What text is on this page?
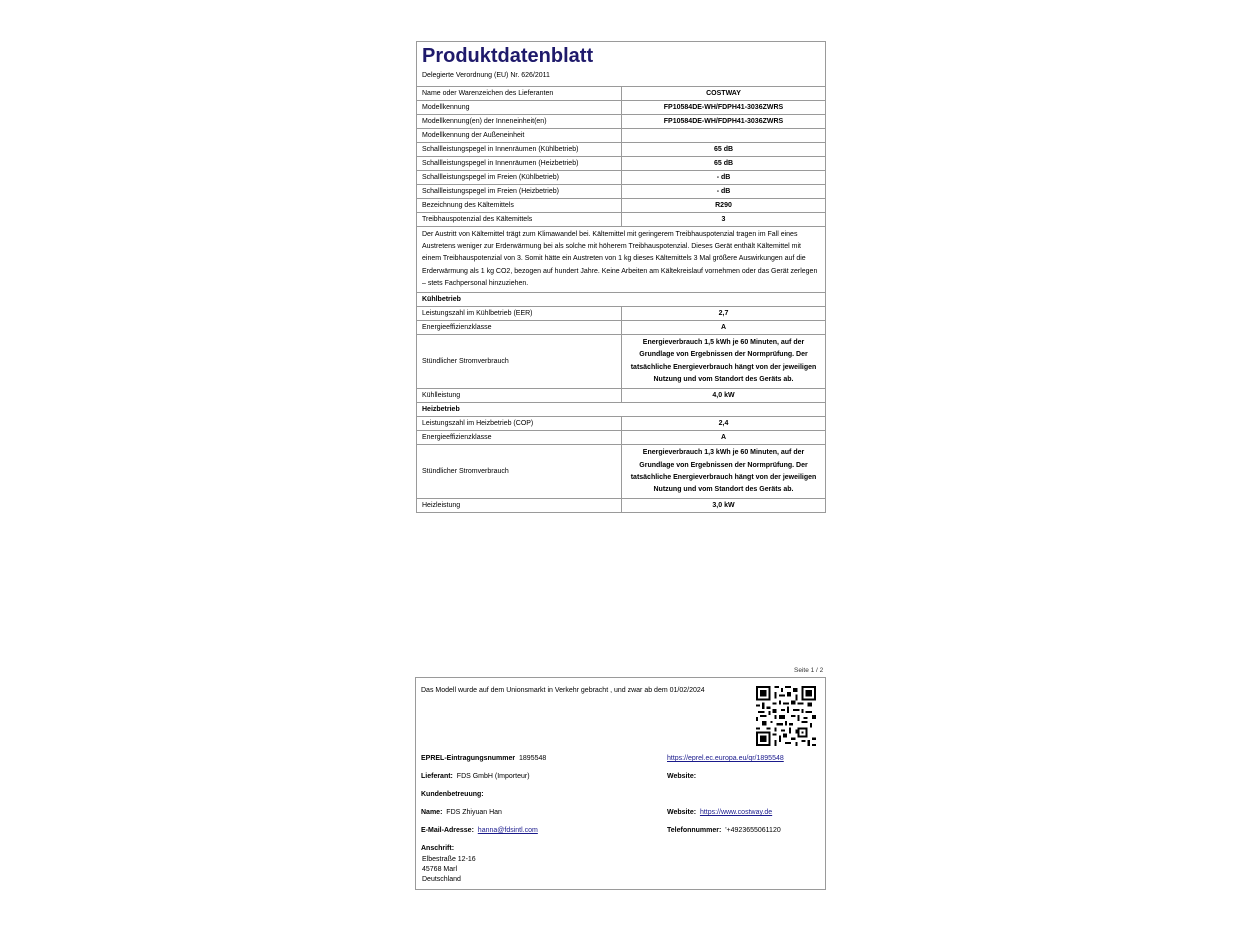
Produktdatenblatt
Delegierte Verordnung (EU) Nr. 626/2011
Name oder Warenzeichen des Lieferanten	COSTWAY
Modellkennung	FP10584DE-WH/FDPH41-3036ZWRS
Modellkennung(en) der Inneneinheit(en)	FP10584DE-WH/FDPH41-3036ZWRS
Modellkennung der Außeneinheit	
Schallleistungspegel in Innenräumen (Kühlbetrieb)	65 dB
Schallleistungspegel in Innenräumen (Heizbetrieb)	65 dB
Schallleistungspegel im Freien (Kühlbetrieb)	- dB
Schallleistungspegel im Freien (Heizbetrieb)	- dB
Bezeichnung des Kältemittels	R290
Treibhauspotenzial des Kältemittels	3
Der Austritt von Kältemittel trägt zum Klimawandel bei. Kältemittel mit geringerem Treibhauspotenzial tragen im Fall eines Austretens weniger zur Erderwärmung bei als solche mit höherem Treibhauspotenzial. Dieses Gerät enthält Kältemittel mit einem Treibhauspotenzial von 3. Somit hätte ein Austreten von 1 kg dieses Kältemittels 3 Mal größere Auswirkungen auf die Erderwärmung als 1 kg CO2, bezogen auf hundert Jahre. Keine Arbeiten am Kältekreislauf vornehmen oder das Gerät zerlegen – stets Fachpersonal hinzuziehen.	
Kühlbetrieb	
Leistungszahl im Kühlbetrieb (EER)	2,7
Energieeffizienzklasse	A
Stündlicher Stromverbrauch	Energieverbrauch 1,5 kWh je 60 Minuten, auf der Grundlage von Ergebnissen der Normprüfung. Der tatsächliche Energieverbrauch hängt von der jeweiligen Nutzung und vom Standort des Geräts ab.
Kühlleistung	4,0 kW
Heizbetrieb	
Leistungszahl im Heizbetrieb (COP)	2,4
Energieeffizienzklasse	A
Stündlicher Stromverbrauch	Energieverbrauch 1,3 kWh je 60 Minuten, auf der Grundlage von Ergebnissen der Normprüfung. Der tatsächliche Energieverbrauch hängt von der jeweiligen Nutzung und vom Standort des Geräts ab.
Heizleistung	3,0 kW
Seite 1 / 2
Das Modell wurde auf dem Unionsmarkt in Verkehr gebracht , und zwar ab dem 01/02/2024
EPREL-Eintragungsnummer 1895548	https://eprel.ec.europa.eu/qr/1895548
Lieferant: FDS GmbH (Importeur)	Website:
Kundenbetreuung:
Name: FDS Zhiyuan Han	Website: https://www.costway.de
E-Mail-Adresse: hanna@fdsintl.com	Telefonnummer: '+4923655061120
Anschrift:
Elbestraße 12-16
45768 Marl
Deutschland
